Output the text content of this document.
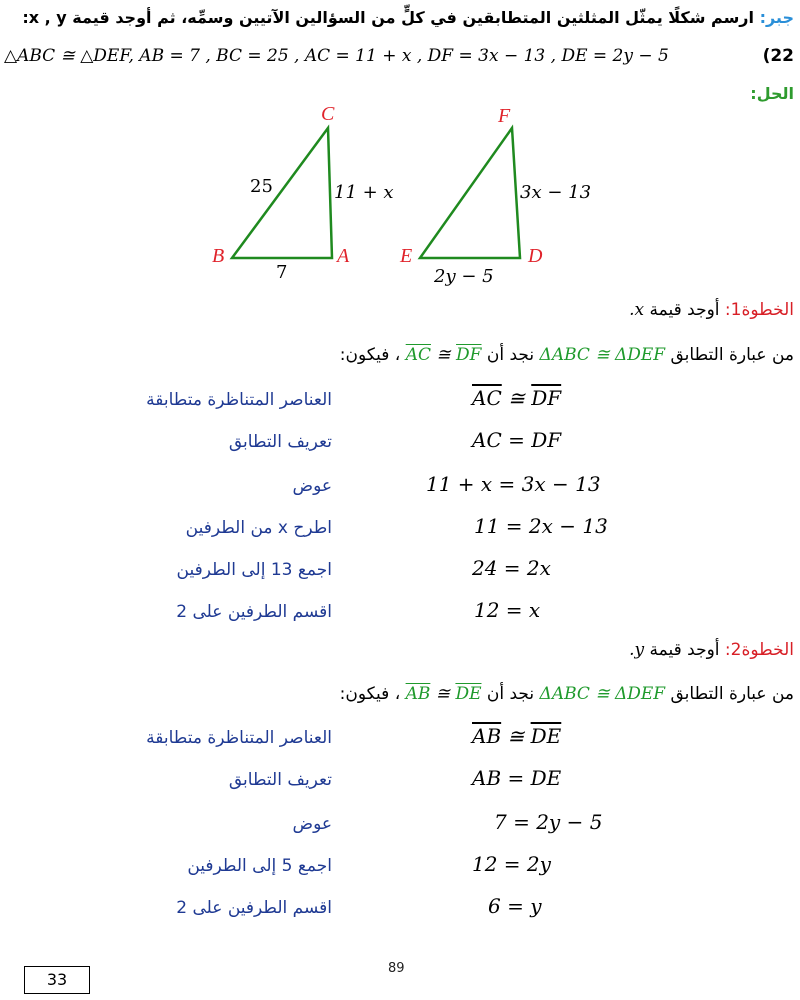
جبر: ارسم شكلًا يمثّل المثلثين المتطابقين في كلٍّ من السؤالين الآتيين وسمِّه، ثم أوجد قيمة x , y:
(22
△ABC ≅ △DEF, AB = 7 , BC = 25 , AC = 11 + x , DF = 3x − 13 , DE = 2y − 5
الحل:
C
B	A
25	11 + x
7
F
E	D
3x − 13
2y − 5
الخطوة1: أوجد قيمة x.
من عبارة التطابق ΔABC ≅ ΔDEF نجد أن $\overline{AC}$ ≅ $\overline{DF}$ ، فيكون:
العناصر المتناظرة متطابقة	$\overline{AC}$ ≅ $\overline{DF}$
تعريف التطابق	AC = DF
عوض	11 + x = 3x − 13
اطرح x من الطرفين	11 = 2x − 13
اجمع 13 إلى الطرفين	24 = 2x
اقسم الطرفين على 2	12 = x
الخطوة2: أوجد قيمة y.
من عبارة التطابق ΔABC ≅ ΔDEF نجد أن $\overline{AB}$ ≅ $\overline{DE}$ ، فيكون:
العناصر المتناظرة متطابقة	$\overline{AB}$ ≅ $\overline{DE}$
تعريف التطابق	AB = DE
عوض	7 = 2y − 5
اجمع 5 إلى الطرفين	12 = 2y
اقسم الطرفين على 2	6 = y
89
33
